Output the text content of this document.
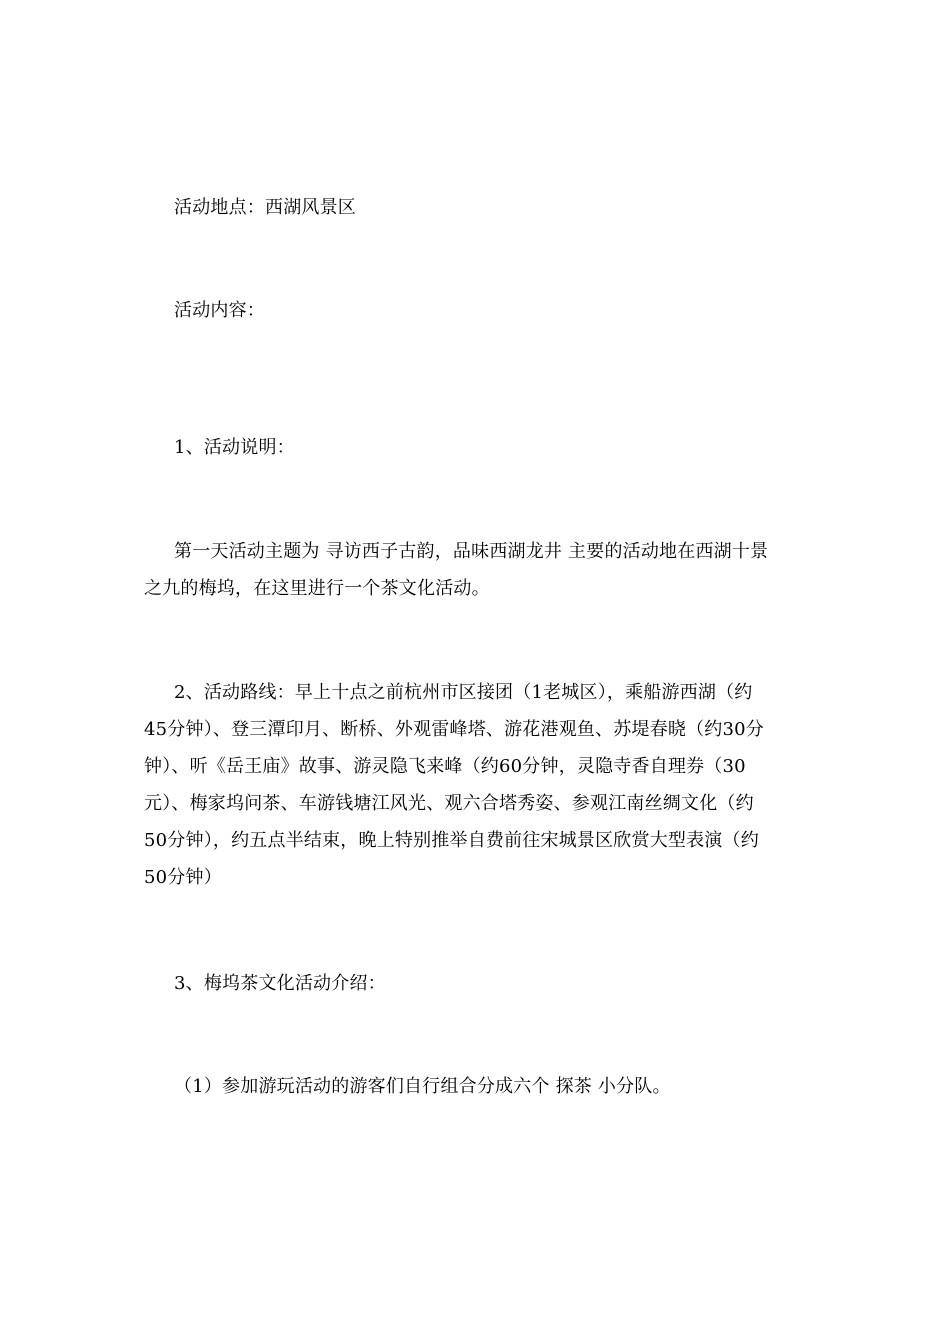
活动地点：西湖风景区
活动内容：
1、活动说明：
第一天活动主题为 寻访西子古韵，品味西湖龙井 主要的活动地在西湖十景
之九的梅坞，在这里进行一个茶文化活动。
2、活动路线：早上十点之前杭州市区接团（1老城区），乘船游西湖（约
45分钟）、登三潭印月、断桥、外观雷峰塔、游花港观鱼、苏堤春晓（约30分
钟）、听《岳王庙》故事、游灵隐飞来峰（约60分钟，灵隐寺香自理券（30
元）、梅家坞问茶、车游钱塘江风光、观六合塔秀姿、参观江南丝绸文化（约
50分钟），约五点半结束，晚上特别推举自费前往宋城景区欣赏大型表演（约
50分钟）
3、梅坞茶文化活动介绍：
（1）参加游玩活动的游客们自行组合分成六个 探茶 小分队。
